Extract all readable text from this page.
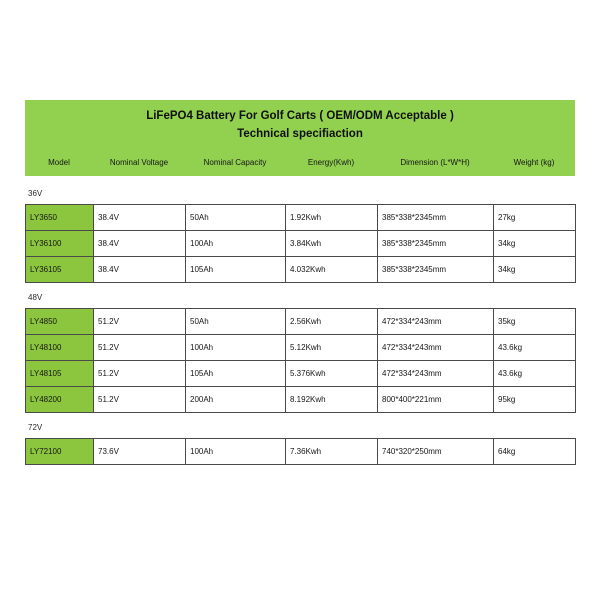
LiFePO4 Battery For Golf Carts ( OEM/ODM Acceptable )
Technical specifiaction
Model	Nominal Voltage	Nominal Capacity	Energy(Kwh)	Dimension (L*W*H)	Weight (kg)
36V
LY3650	38.4V	50Ah	1.92Kwh	385*338*2345mm	27kg
LY36100	38.4V	100Ah	3.84Kwh	385*338*2345mm	34kg
LY36105	38.4V	105Ah	4.032Kwh	385*338*2345mm	34kg
48V
LY4850	51.2V	50Ah	2.56Kwh	472*334*243mm	35kg
LY48100	51.2V	100Ah	5.12Kwh	472*334*243mm	43.6kg
LY48105	51.2V	105Ah	5.376Kwh	472*334*243mm	43.6kg
LY48200	51.2V	200Ah	8.192Kwh	800*400*221mm	95kg
72V
LY72100	73.6V	100Ah	7.36Kwh	740*320*250mm	64kg
